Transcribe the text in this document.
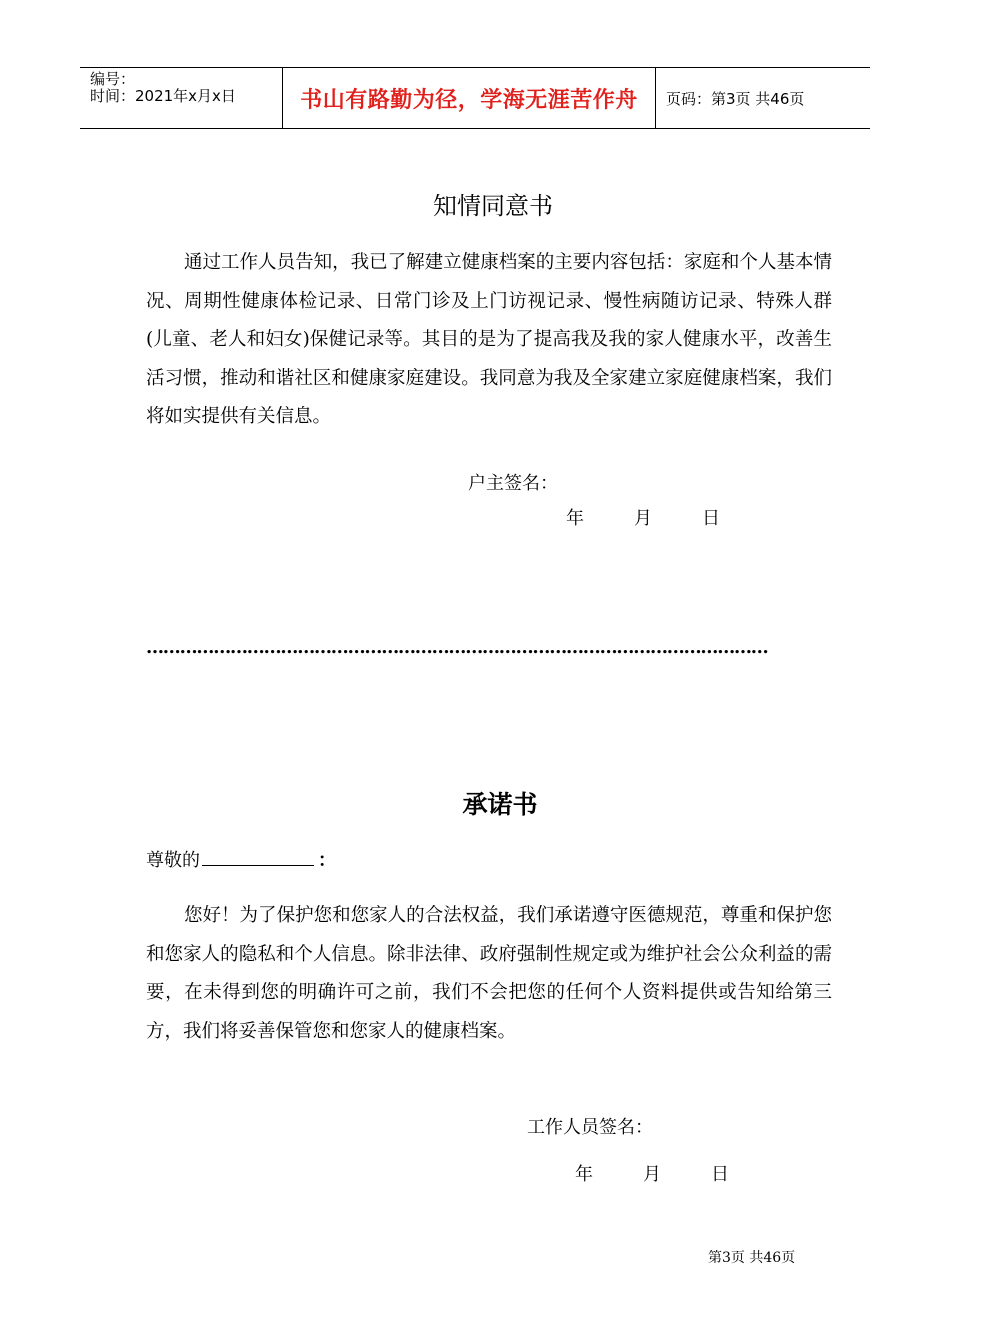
编号：
时间：2021年x月x日	书山有路勤为径，学海无涯苦作舟 页码：第3页 共46页
知情同意书
通过工作人员告知，我已了解建立健康档案的主要内容包括：家庭和个人基本情况、周期性健康体检记录、日常门诊及上门访视记录、慢性病随访记录、特殊人群(儿童、老人和妇女)保健记录等。其目的是为了提高我及我的家人健康水平，改善生活习惯，推动和谐社区和健康家庭建设。我同意为我及全家建立家庭健康档案，我们将如实提供有关信息。
户主签名：
年	月	日
…………………………………………………………………………………………………
承诺书
尊敬的	：
您好！为了保护您和您家人的合法权益，我们承诺遵守医德规范，尊重和保护您和您家人的隐私和个人信息。除非法律、政府强制性规定或为维护社会公众利益的需要，在未得到您的明确许可之前，我们不会把您的任何个人资料提供或告知给第三方，我们将妥善保管您和您家人的健康档案。
工作人员签名：
年	月	日
第3页 共46页
